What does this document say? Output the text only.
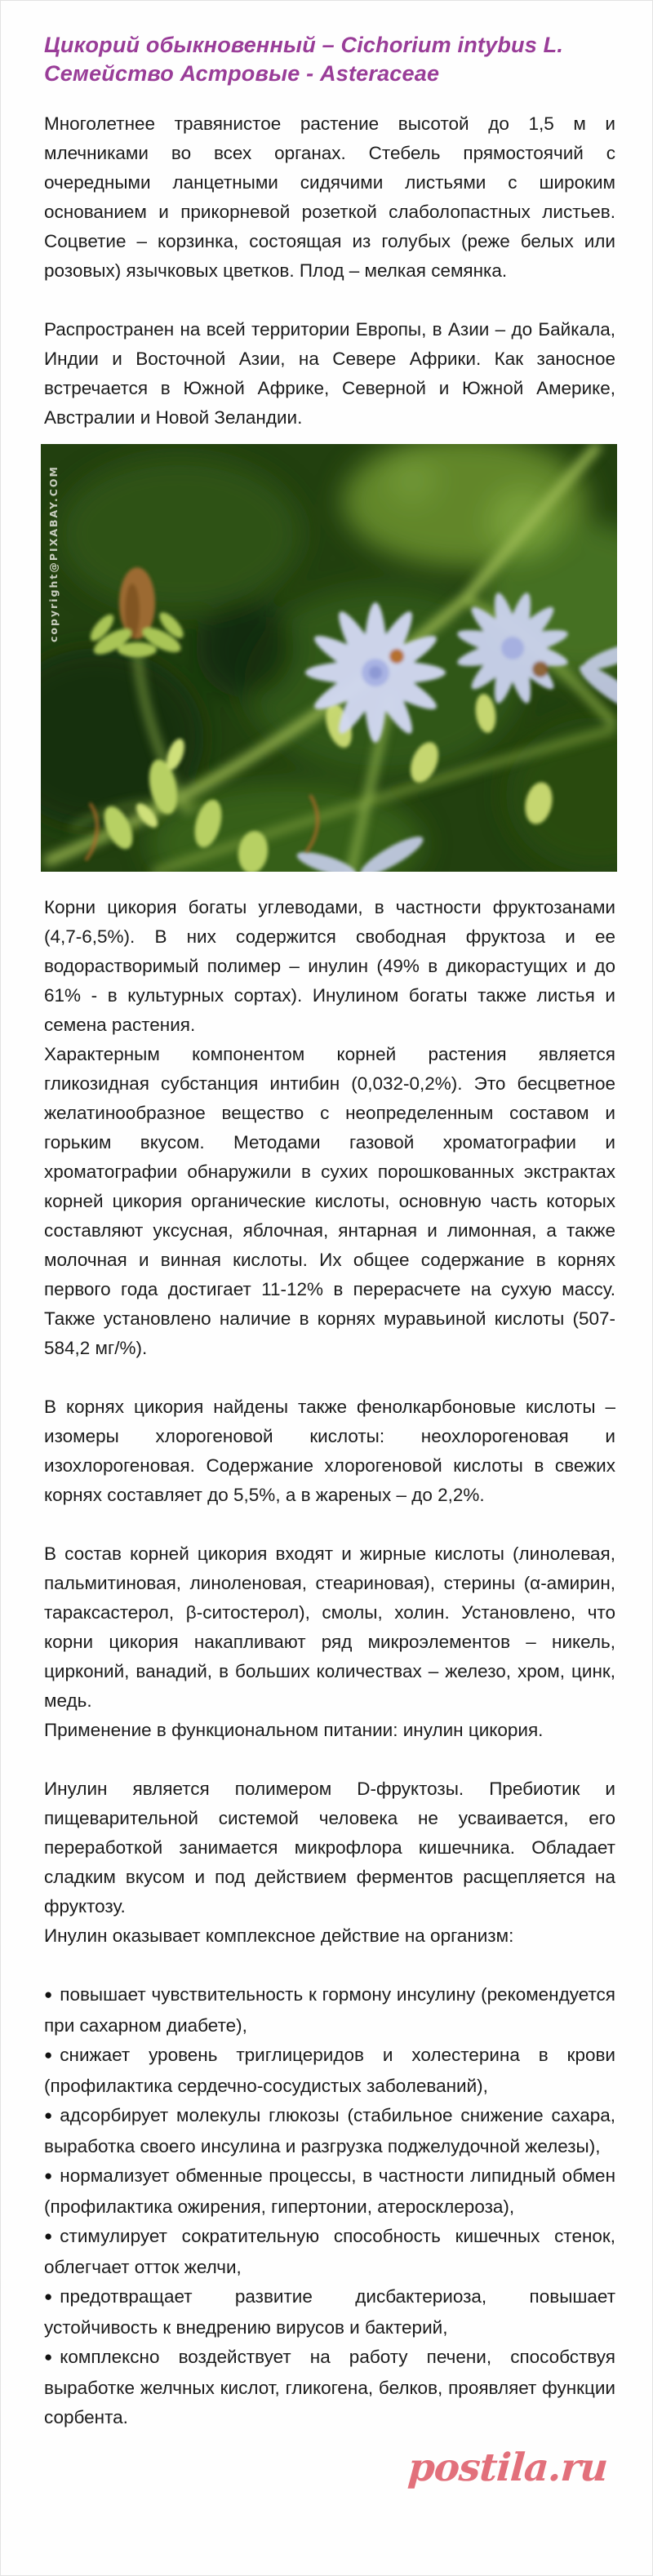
Цикорий обыкновенный – Cichorium intybus L.
Семейство Астровые - Asteraceae

Многолетнее травянистое растение высотой до 1,5 м и млечниками во всех органах. Стебель прямостоячий с очередными ланцетными сидячими листьями с широким основанием и прикорневой розеткой слаболопастных листьев. Соцветие – корзинка, состоящая из голубых (реже белых или розовых) язычковых цветков. Плод – мелкая семянка.

Распространен на всей территории Европы, в Азии – до Байкала, Индии и Восточной Азии, на Севере Африки. Как заносное встречается в Южной Африке, Северной и Южной Америке, Австралии и Новой Зеландии.

copyright@PIXABAY.COM

Корни цикория богаты углеводами, в частности фруктозанами (4,7-6,5%). В них содержится свободная фруктоза и ее водорастворимый полимер – инулин (49% в дикорастущих и до 61% - в культурных сортах). Инулином богаты также листья и семена растения.

Характерным компонентом корней растения является гликозидная субстанция интибин (0,032-0,2%). Это бесцветное желатинообразное вещество с неопределенным составом и горьким вкусом. Методами газовой хроматографии и хроматографии обнаружили в сухих порошкованных экстрактах корней цикория органические кислоты, основную часть которых составляют уксусная, яблочная, янтарная и лимонная, а также молочная и винная кислоты. Их общее содержание в корнях первого года достигает 11-12% в перерасчете на сухую массу. Также установлено наличие в корнях муравьиной кислоты (507-584,2 мг/%).

В корнях цикория найдены также фенолкарбоновые кислоты – изомеры хлорогеновой кислоты: неохлорогеновая и изохлорогеновая. Содержание хлорогеновой кислоты в свежих корнях составляет до 5,5%, а в жареных – до 2,2%.

В состав корней цикория входят и жирные кислоты (линолевая, пальмитиновая, линоленовая, стеариновая), стерины (α-амирин, тараксастерол, β-ситостерол), смолы, холин. Установлено, что корни цикория накапливают ряд микроэлементов – никель, цирконий, ванадий, в больших количествах – железо, хром, цинк, медь.

Применение в функциональном питании: инулин цикория.

Инулин является полимером D-фруктозы. Пребиотик и пищеварительной системой человека не усваивается, его переработкой занимается микрофлора кишечника. Обладает сладким вкусом и под действием ферментов расщепляется на фруктозу.

Инулин оказывает комплексное действие на организм:

● повышает чувствительность к гормону инсулину (рекомендуется при сахарном диабете),
● снижает уровень триглицеридов и холестерина в крови (профилактика сердечно-сосудистых заболеваний),
● адсорбирует молекулы глюкозы (стабильное снижение сахара, выработка своего инсулина и разгрузка поджелудочной железы),
● нормализует обменные процессы, в частности липидный обмен (профилактика ожирения, гипертонии, атеросклероза),
● стимулирует сократительную способность кишечных стенок, облегчает отток желчи,
● предотвращает развитие дисбактериоза, повышает устойчивость к внедрению вирусов и бактерий,
● комплексно воздействует на работу печени, способствуя выработке желчных кислот, гликогена, белков, проявляет функции сорбента.
postila.ru
